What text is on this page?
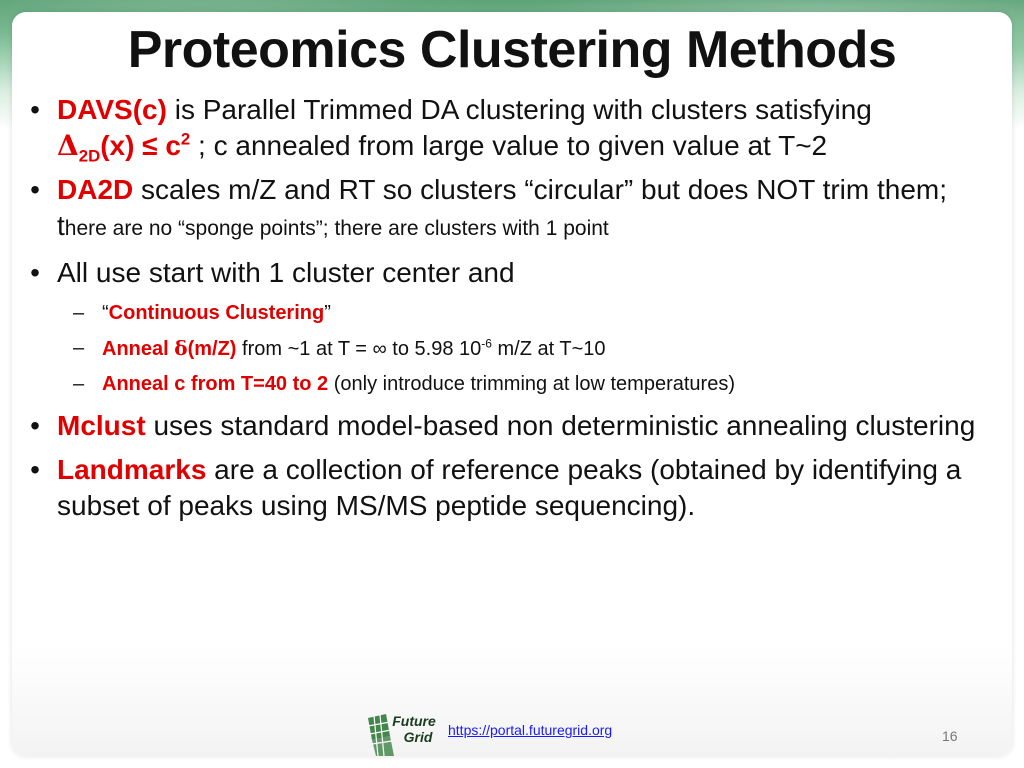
Proteomics Clustering Methods
• DAVS(c) is Parallel Trimmed DA clustering with clusters satisfying
$\Delta_{2D}(x) \le c^2$ ; c annealed from large value to given value at T~2
• DA2D scales m/Z and RT so clusters “circular” but does NOT trim them; there are no “sponge points”; there are clusters with 1 point
• All use start with 1 cluster center and
– “Continuous Clustering”
– Anneal δ(m/Z) from ~1 at T = ∞ to 5.98 $10^{-6}$ m/Z at T~10
– Anneal c from T=40 to 2 (only introduce trimming at low temperatures)
• Mclust uses standard model-based non deterministic annealing clustering
• Landmarks are a collection of reference peaks (obtained by identifying a subset of peaks using MS/MS peptide sequencing).
Future
Grid https://portal.futuregrid.org	16
